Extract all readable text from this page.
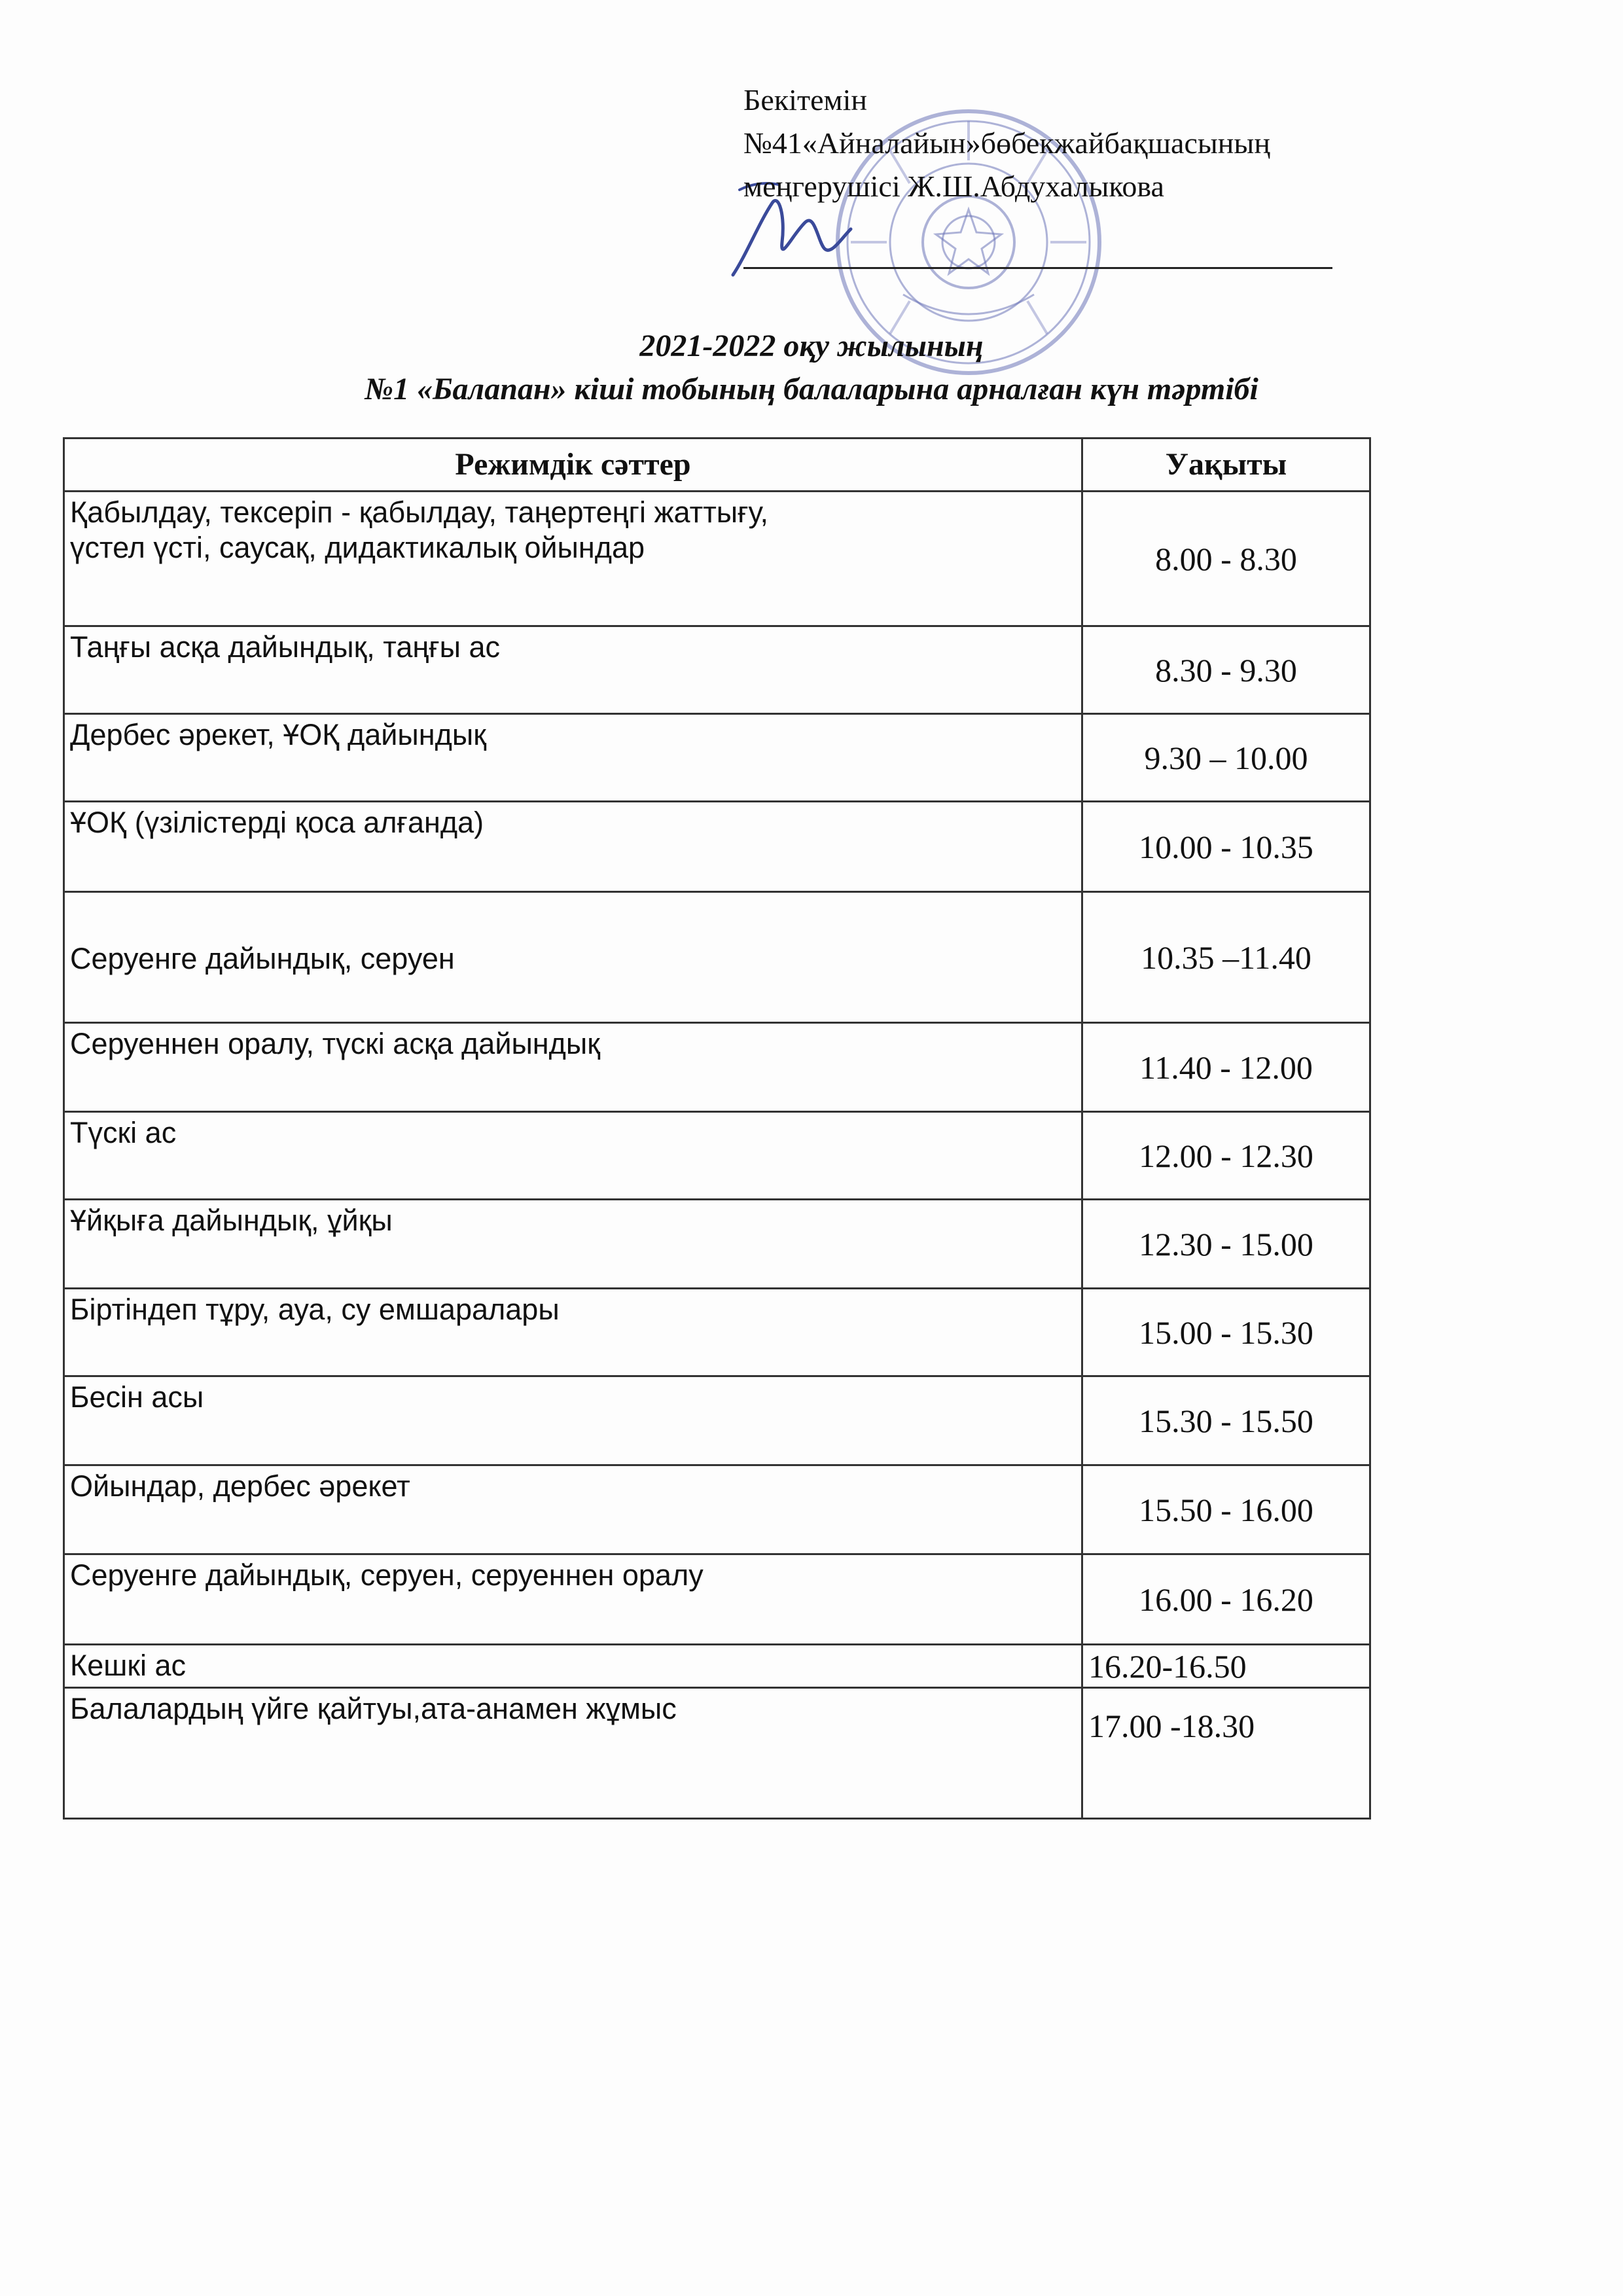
Бекітемін
№41«Айналайын»бөбекжайбақшасының
меңгерушісі Ж.Ш.Абдухалыкова
2021-2022 оқу жылының
№1 «Балапан» кіші тобының балаларына арналған күн тәртібі
Режимдік сәттер	Уақыты
Қабылдау, тексеріп - қабылдау, таңертеңгі жаттығу,
үстел үсті, саусақ, дидактикалық ойындар	8.00 - 8.30
Таңғы асқа дайындық, таңғы ас	8.30 - 9.30
Дербес әрекет, ҰОҚ дайындық	9.30 – 10.00
ҰОҚ (үзілістерді қоса алғанда)	10.00 - 10.35
Серуенге дайындық, серуен	10.35 –11.40
Серуеннен оралу, түскі асқа дайындық	11.40 - 12.00
Түскі ас	12.00 - 12.30
Ұйқыға дайындық, ұйқы	12.30 - 15.00
Біртіндеп тұру, ауа, су емшаралары	15.00 - 15.30
Бесін асы	15.30 - 15.50
Ойындар, дербес әрекет	15.50 - 16.00
Серуенге дайындық, серуен, серуеннен оралу	16.00 - 16.20
Кешкі ас	16.20-16.50
Балалардың үйге қайтуы,ата-анамен жұмыс	17.00 -18.30
